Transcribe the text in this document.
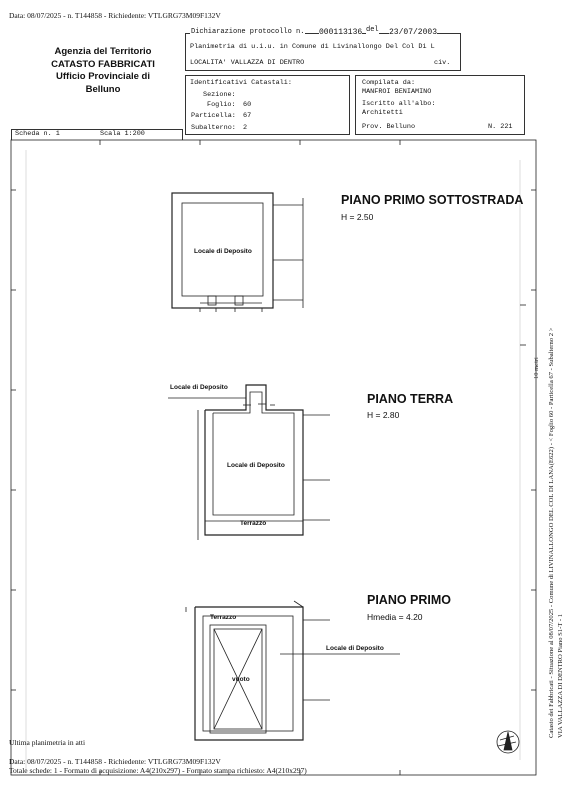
Data: 08/07/2025 - n. T144858 - Richiedente: VTLGRG73M09F132V
Agenzia del Territorio
CATASTO FABBRICATI
Ufficio Provinciale di
Belluno
Dichiarazione protocollo n. 000113136 del 23/07/2003
Planimetria di u.i.u. in Comune di Livinallongo Del Col Di L
LOCALITA' VALLAZZA DI DENTRO	civ.
Identificativi Catastali:
Sezione:
Foglio: 60
Particella: 67
Subalterno: 2
Compilata da:
MANFROI BENIAMINO
Iscritto all'albo:
Architetti
Prov. Belluno	N. 221
Scheda n. 1	Scala 1:200
10 metri
PIANO PRIMO SOTTOSTRADA
H = 2.50
Locale di Deposito
PIANO TERRA
H = 2.80
Locale di Deposito
Locale di Deposito
Terrazzo
PIANO PRIMO
Hmedia = 4.20
Terrazzo
vuoto
Locale di Deposito	Catasto dei Fabbricati - Situazione al 08/07/2025 - Comune di LIVINALLONGO DEL COL DI LANA(E622) - < Foglio 60 - Particella 67 - Subalterno 2 > VIA VALLAZZA DI DENTRO Piano S1-T - 1
Ultima planimetria in atti
Data: 08/07/2025 - n. T144858 - Richiedente: VTLGRG73M09F132V
Totale schede: 1 - Formato di acquisizione: A4(210x297) - Formato stampa richiesto: A4(210x297)
